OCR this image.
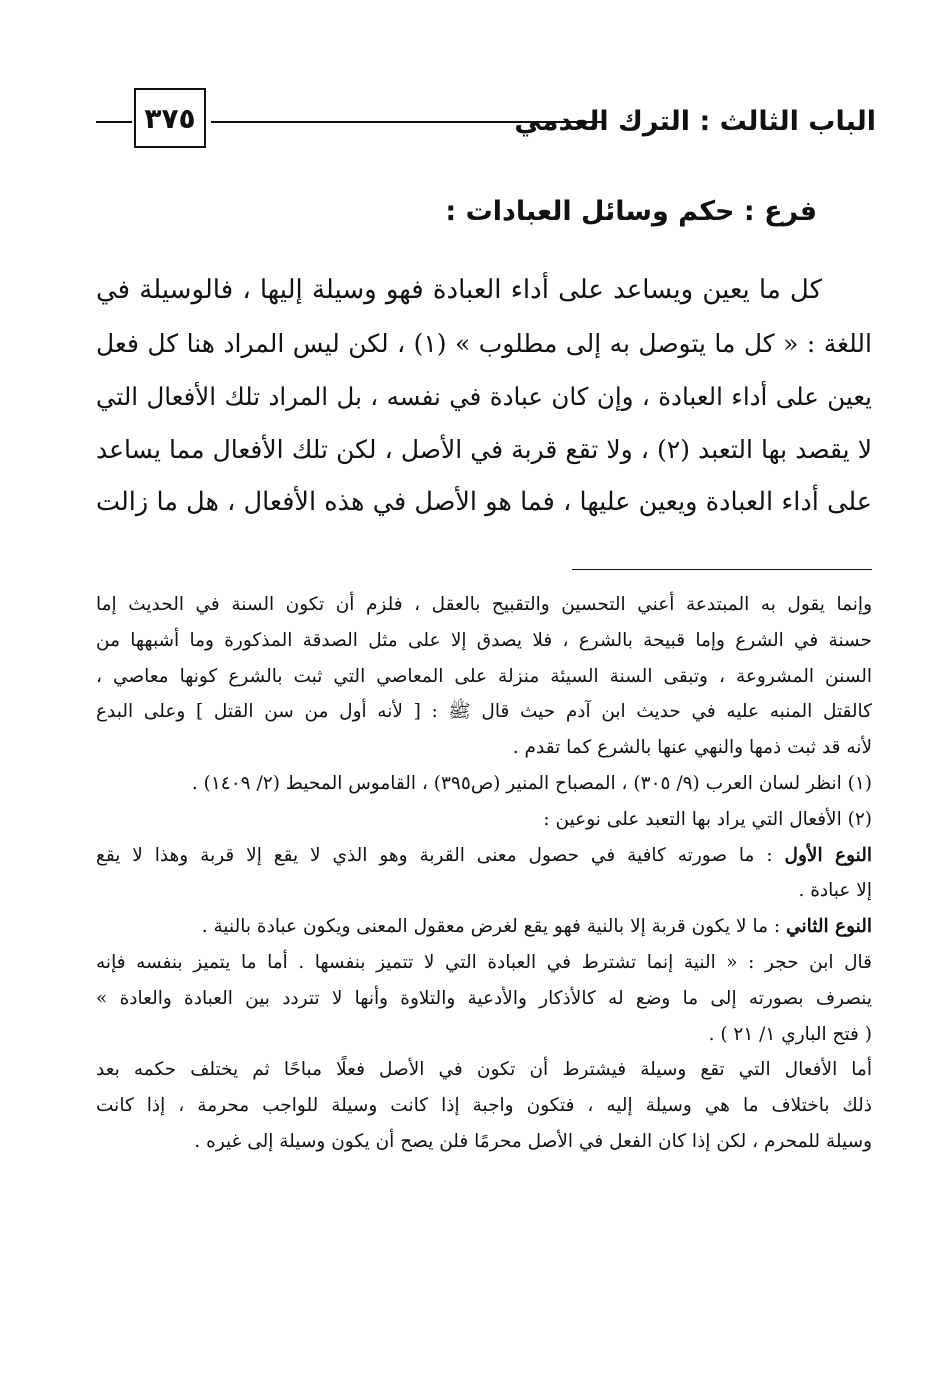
الباب الثالث : الترك العدمي
٣٧٥
فرع : حكم وسائل العبادات :
كل ما يعين ويساعد على أداء العبادة فهو وسيلة إليها ، فالوسيلة في
اللغة : « كل ما يتوصل به إلى مطلوب » (١) ، لكن ليس المراد هنا كل فعل
يعين على أداء العبادة ، وإن كان عبادة في نفسه ، بل المراد تلك الأفعال التي
لا يقصد بها التعبد (٢) ، ولا تقع قربة في الأصل ، لكن تلك الأفعال مما يساعد
على أداء العبادة ويعين عليها ، فما هو الأصل في هذه الأفعال ، هل ما زالت
وإنما يقول به المبتدعة أعني التحسين والتقبيح بالعقل ، فلزم أن تكون السنة في الحديث إما
حسنة في الشرع وإما قبيحة بالشرع ، فلا يصدق إلا على مثل الصدقة المذكورة وما أشبهها من
السنن المشروعة ، وتبقى السنة السيئة منزلة على المعاصي التي ثبت بالشرع كونها معاصي ،
كالقتل المنبه عليه في حديث ابن آدم حيث قال ﷺ : [ لأنه أول من سن القتل ] وعلى البدع
لأنه قد ثبت ذمها والنهي عنها بالشرع كما تقدم .
(١) انظر لسان العرب (٩/ ٣٠٥) ، المصباح المنير (ص٣٩٥) ، القاموس المحيط (٢/ ١٤٠٩) .
(٢) الأفعال التي يراد بها التعبد على نوعين :
النوع الأول : ما صورته كافية في حصول معنى القربة وهو الذي لا يقع إلا قربة وهذا لا يقع
إلا عبادة .
النوع الثاني : ما لا يكون قربة إلا بالنية فهو يقع لغرض معقول المعنى ويكون عبادة بالنية .
قال ابن حجر : « النية إنما تشترط في العبادة التي لا تتميز بنفسها . أما ما يتميز بنفسه فإنه
ينصرف بصورته إلى ما وضع له كالأذكار والأدعية والتلاوة وأنها لا تتردد بين العبادة والعادة »
( فتح الباري ١/ ٢١ ) .
أما الأفعال التي تقع وسيلة فيشترط أن تكون في الأصل فعلًا مباحًا ثم يختلف حكمه بعد
ذلك باختلاف ما هي وسيلة إليه ، فتكون واجبة إذا كانت وسيلة للواجب محرمة ، إذا كانت
وسيلة للمحرم ، لكن إذا كان الفعل في الأصل محرمًا فلن يصح أن يكون وسيلة إلى غيره .
